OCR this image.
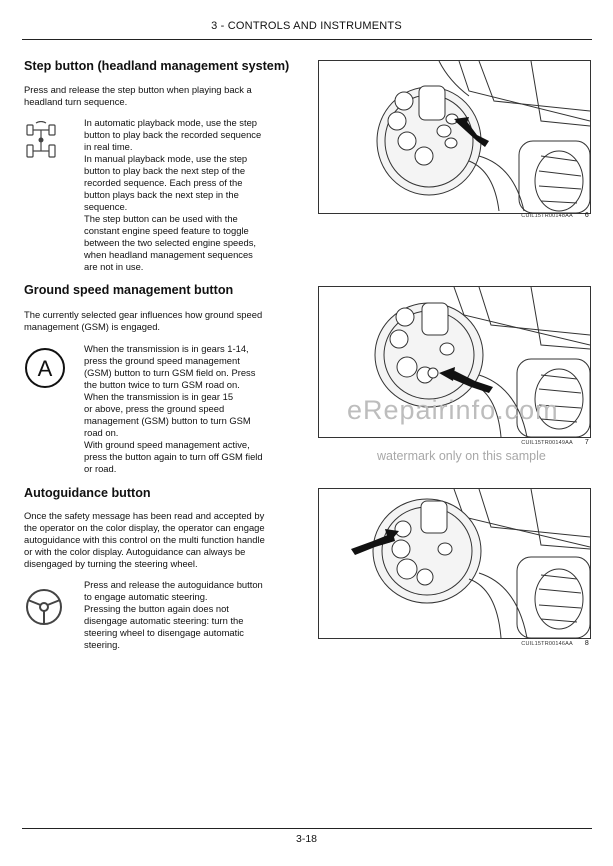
3 - CONTROLS AND INSTRUMENTS
Step button (headland management system)
Press and release the step button when playing back a
headland turn sequence.
In automatic playback mode, use the step
button to play back the recorded sequence
in real time.
In manual playback mode, use the step
button to play back the next step of the
recorded sequence. Each press of the
button plays back the next step in the
sequence.
The step button can be used with the
constant engine speed feature to toggle
between the two selected engine speeds,
when headland management sequences
are not in use.
CUIL15TR00148AA 6
Ground speed management button
The currently selected gear influences how ground speed
management (GSM) is engaged.
A
When the transmission is in gears 1-14,
press the ground speed management
(GSM) button to turn GSM field on. Press
the button twice to turn GSM road on.
When the transmission is in gear 15
or above, press the ground speed
management (GSM) button to turn GSM
road on.
With ground speed management active,
press the button again to turn off GSM field
or road.
CUIL15TR00149AA 7
Autoguidance button
Once the safety message has been read and accepted by
the operator on the color display, the operator can engage
autoguidance with this control on the multi function handle
or with the color display. Autoguidance can always be
disengaged by turning the steering wheel.
Press and release the autoguidance button
to engage automatic steering.
Pressing the button again does not
disengage automatic steering: turn the
steering wheel to disengage automatic
steering.	CUIL15TR00146AA 8
eRepairinfo.com
watermark only on this sample
3-18
